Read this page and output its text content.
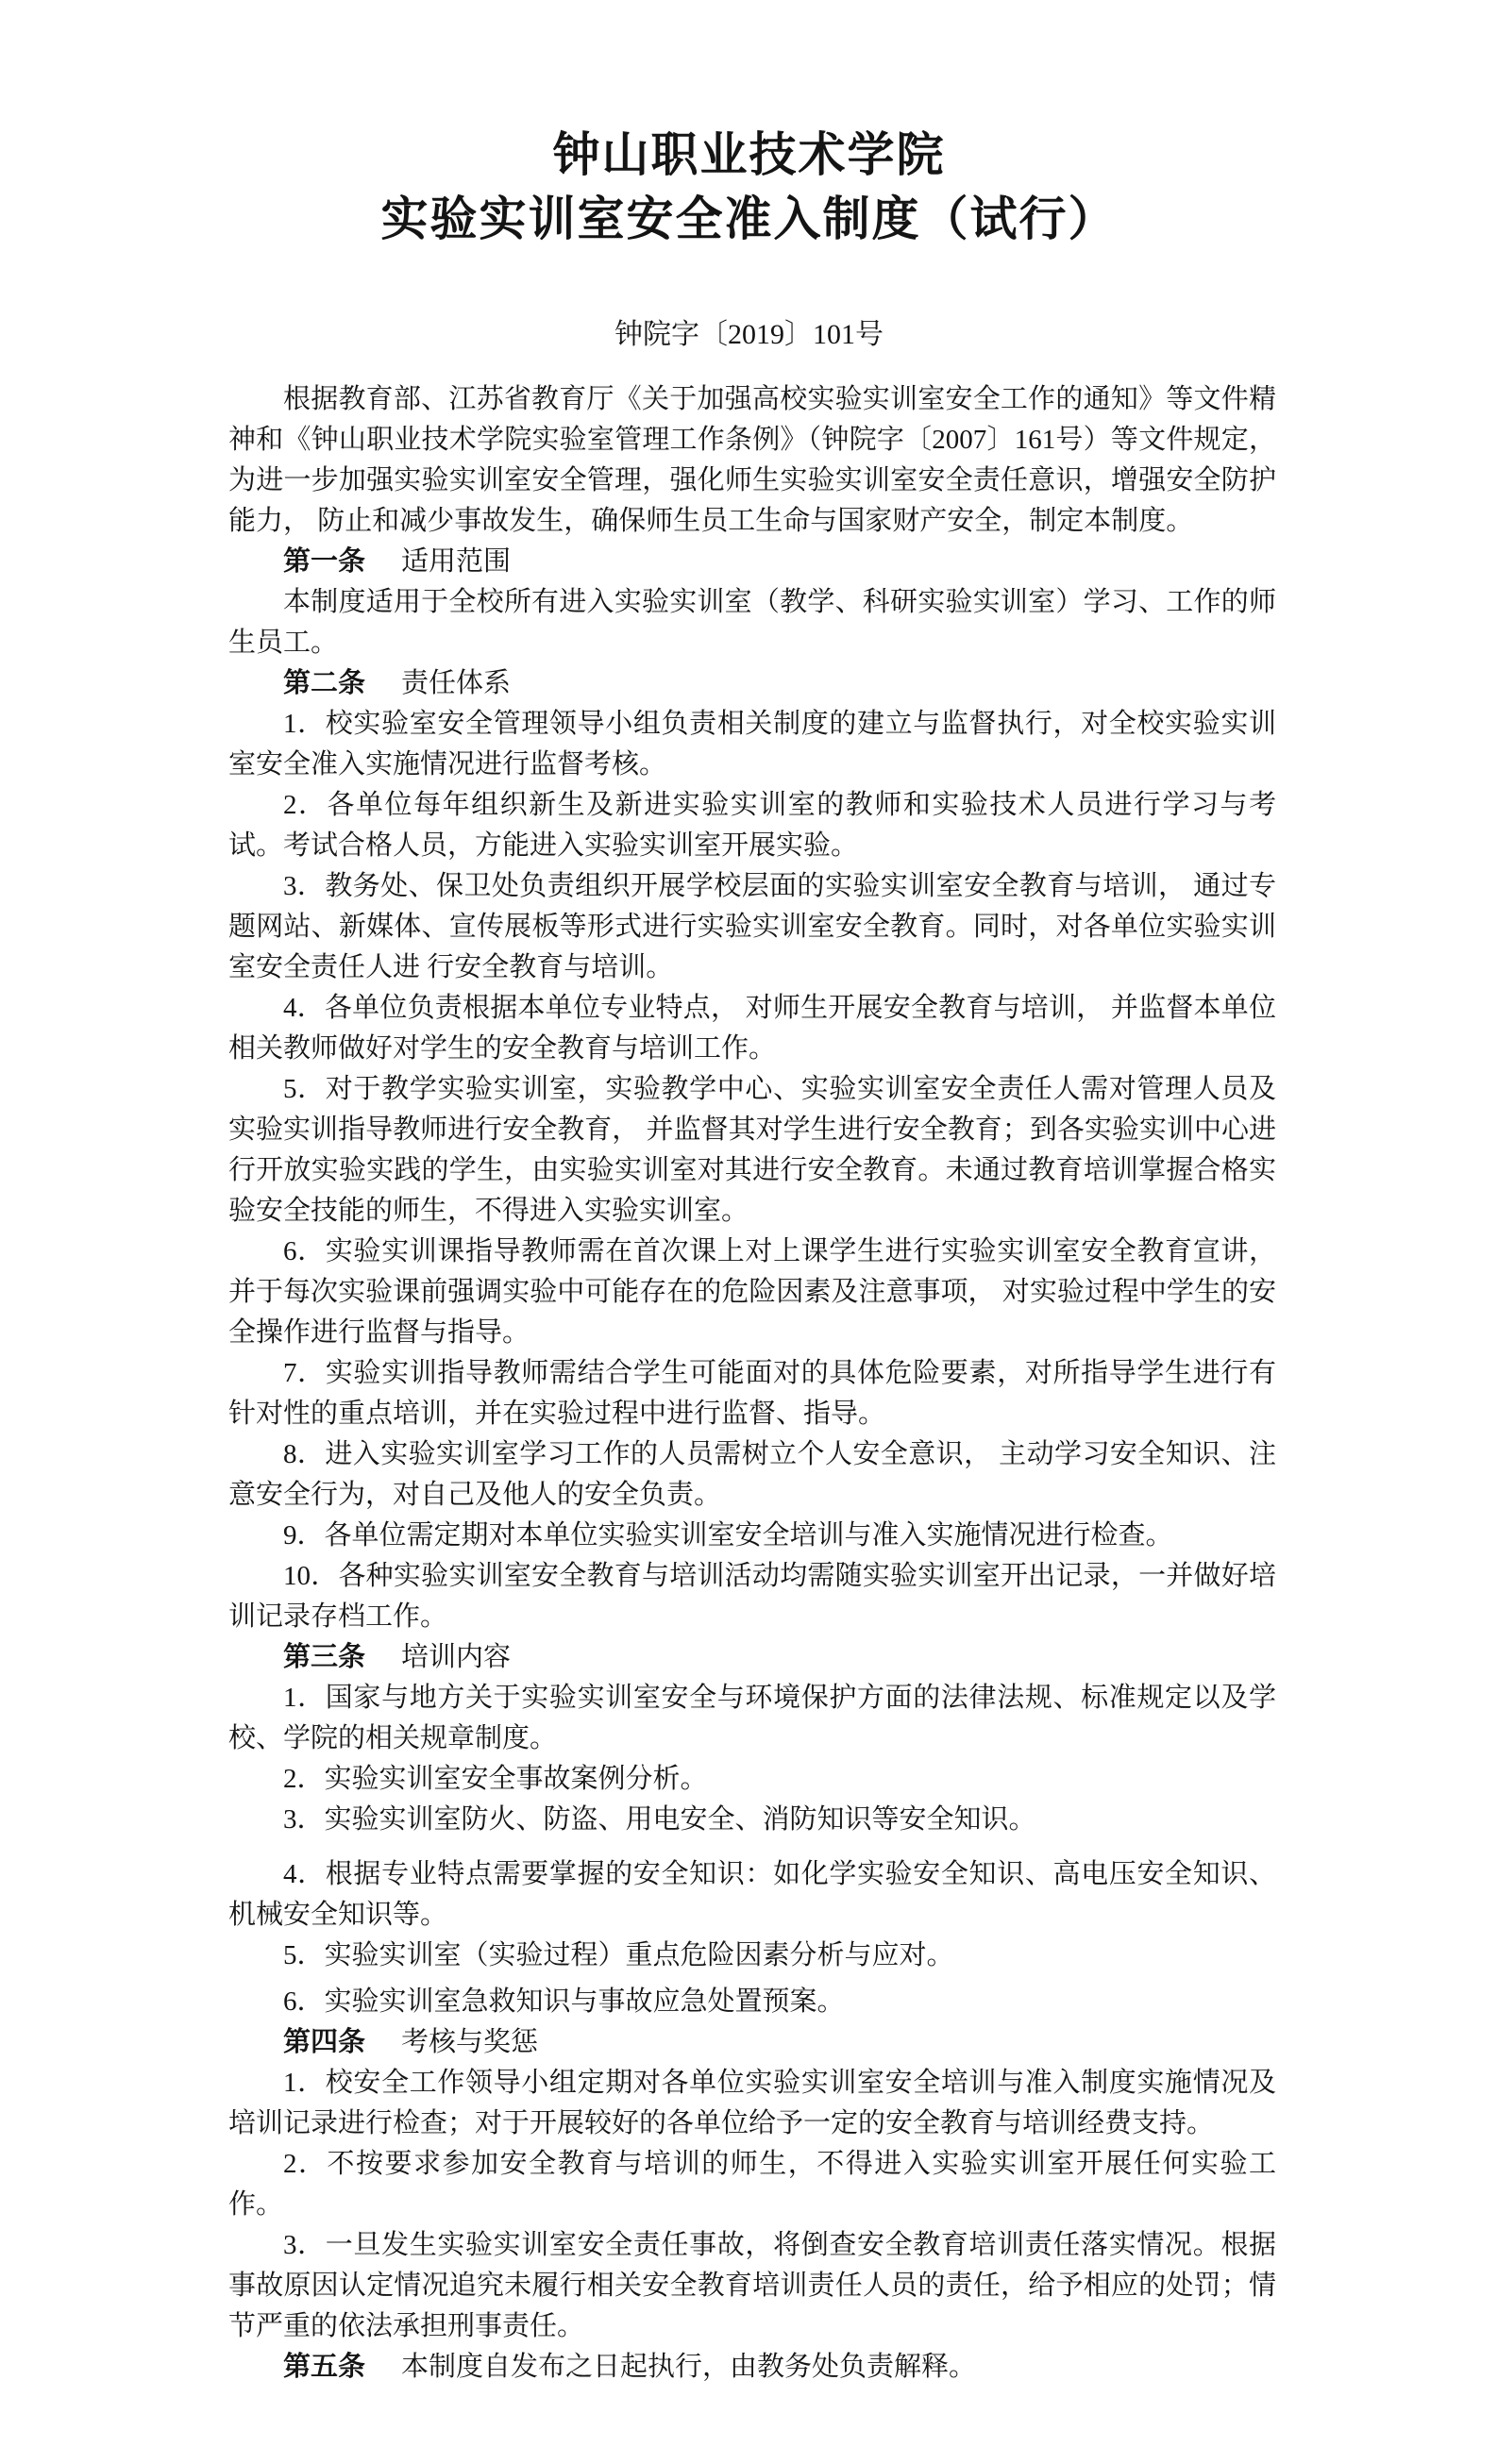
钟山职业技术学院
实验实训室安全准入制度（试行）
钟院字〔2019〕101号

根据教育部、江苏省教育厅《关于加强高校实验实训室安全工作的通知》等文件精神和《钟山职业技术学院实验室管理工作条例》（钟院字〔2007〕161号）等文件规定，为进一步加强实验实训室安全管理，强化师生实验实训室安全责任意识，增强安全防护能力， 防止和减少事故发生，确保师生员工生命与国家财产安全，制定本制度。

第一条 适用范围

本制度适用于全校所有进入实验实训室（教学、科研实验实训室）学习、工作的师生员工。

第二条 责任体系

1．校实验室安全管理领导小组负责相关制度的建立与监督执行，对全校实验实训室安全准入实施情况进行监督考核。

2．各单位每年组织新生及新进实验实训室的教师和实验技术人员进行学习与考试。考试合格人员，方能进入实验实训室开展实验。

3．教务处、保卫处负责组织开展学校层面的实验实训室安全教育与培训， 通过专题网站、新媒体、宣传展板等形式进行实验实训室安全教育。同时，对各单位实验实训室安全责任人进 行安全教育与培训。

4．各单位负责根据本单位专业特点， 对师生开展安全教育与培训， 并监督本单位相关教师做好对学生的安全教育与培训工作。

5．对于教学实验实训室，实验教学中心、实验实训室安全责任人需对管理人员及实验实训指导教师进行安全教育， 并监督其对学生进行安全教育；到各实验实训中心进行开放实验实践的学生，由实验实训室对其进行安全教育。未通过教育培训掌握合格实验安全技能的师生，不得进入实验实训室。

6．实验实训课指导教师需在首次课上对上课学生进行实验实训室安全教育宣讲，并于每次实验课前强调实验中可能存在的危险因素及注意事项， 对实验过程中学生的安全操作进行监督与指导。

7．实验实训指导教师需结合学生可能面对的具体危险要素，对所指导学生进行有针对性的重点培训，并在实验过程中进行监督、指导。

8．进入实验实训室学习工作的人员需树立个人安全意识， 主动学习安全知识、注意安全行为，对自己及他人的安全负责。

9．各单位需定期对本单位实验实训室安全培训与准入实施情况进行检查。

10．各种实验实训室安全教育与培训活动均需随实验实训室开出记录，一并做好培训记录存档工作。

第三条 培训内容

1．国家与地方关于实验实训室安全与环境保护方面的法律法规、标准规定以及学校、学院的相关规章制度。

2．实验实训室安全事故案例分析。

3．实验实训室防火、防盗、用电安全、消防知识等安全知识。

4．根据专业特点需要掌握的安全知识：如化学实验安全知识、高电压安全知识、机械安全知识等。

5．实验实训室（实验过程）重点危险因素分析与应对。

6．实验实训室急救知识与事故应急处置预案。

第四条 考核与奖惩

1．校安全工作领导小组定期对各单位实验实训室安全培训与准入制度实施情况及培训记录进行检查；对于开展较好的各单位给予一定的安全教育与培训经费支持。

2．不按要求参加安全教育与培训的师生，不得进入实验实训室开展任何实验工作。

3．一旦发生实验实训室安全责任事故，将倒查安全教育培训责任落实情况。根据事故原因认定情况追究未履行相关安全教育培训责任人员的责任，给予相应的处罚；情节严重的依法承担刑事责任。

第五条 本制度自发布之日起执行，由教务处负责解释。
